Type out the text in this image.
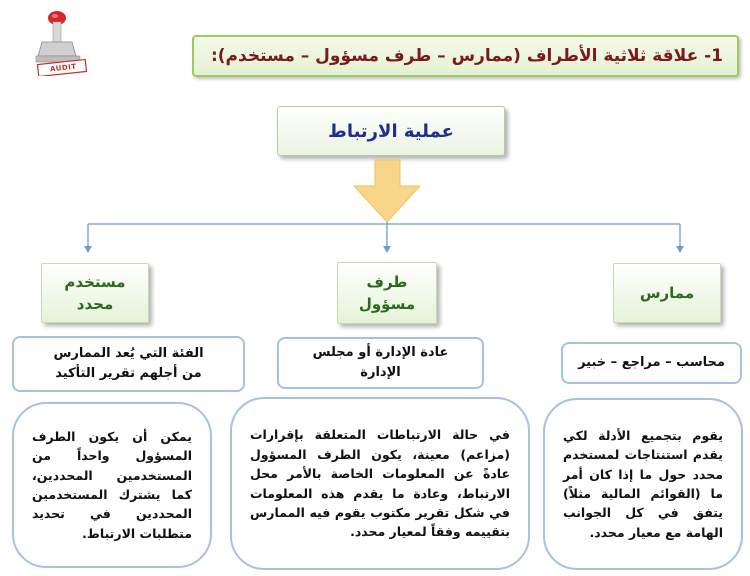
AUDIT
1- علاقة ثلاثية الأطراف (ممارس – طرف مسؤول – مستخدم):
عملية الارتباط
ممارس
طرف مسؤول
مستخدم محدد
محاسب – مراجع – خبير
عادة الإدارة أو مجلس الإدارة
الفئة التي يُعد الممارس من أجلهم تقرير التأكيد
يقوم بتجميع الأدلة لكي يقدم استنتاجات لمستخدم محدد حول ما إذا كان أمر ما (القوائم المالية مثلاً) يتفق في كل الجوانب الهامة مع معيار محدد.
في حالة الارتباطات المتعلقة بإقرارات (مزاعم) معينة، يكون الطرف المسؤول عادةً عن المعلومات الخاصة بالأمر محل الارتباط، وعادة ما يقدم هذه المعلومات في شكل تقرير مكتوب يقوم فيه الممارس بتقييمه وفقاً لمعيار محدد.
يمكن أن يكون الطرف المسؤول واحداً من المستخدمين المحددين، كما يشترك المستخدمين المحددين في تحديد متطلبات الارتباط.
